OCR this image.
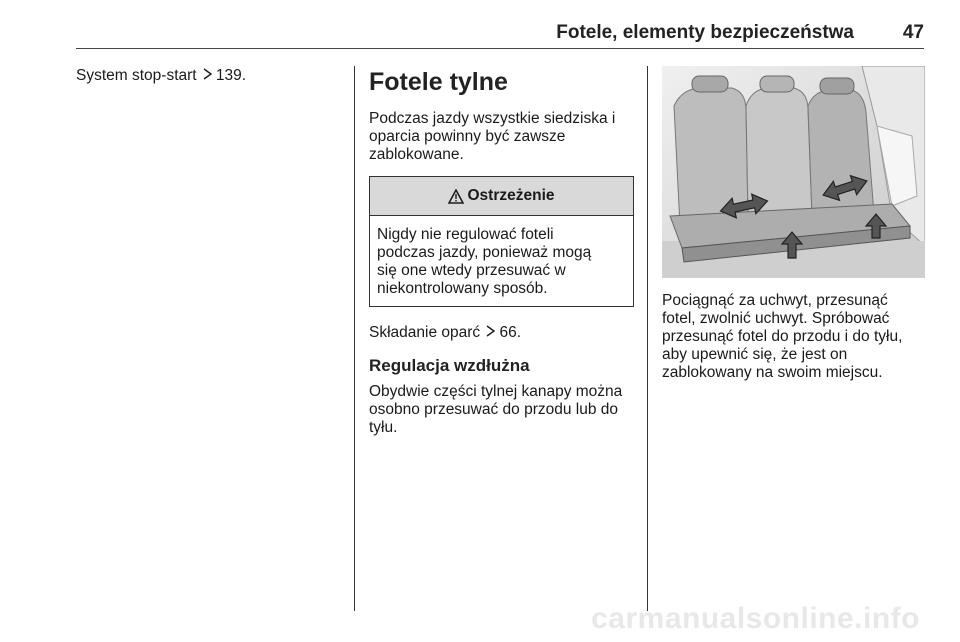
Fotele, elementy bezpieczeństwa	47

System stop-start 139.	Fotele tylne

Podczas jazdy wszystkie siedziska i

oparcia powinny być zawsze

zablokowane.

Ostrzeżenie
Nigdy nie regulować foteli
podczas jazdy, ponieważ mogą
się one wtedy przesuwać w
niekontrolowany sposób.

Składanie oparć 66.

Regulacja wzdłużna

Obydwie części tylnej kanapy można

osobno przesuwać do przodu lub do

tyłu.

Pociągnąć za uchwyt, przesunąć

fotel, zwolnić uchwyt. Spróbować

przesunąć fotel do przodu i do tyłu,

aby upewnić się, że jest on

zablokowany na swoim miejscu.

carmanualsonline.info
